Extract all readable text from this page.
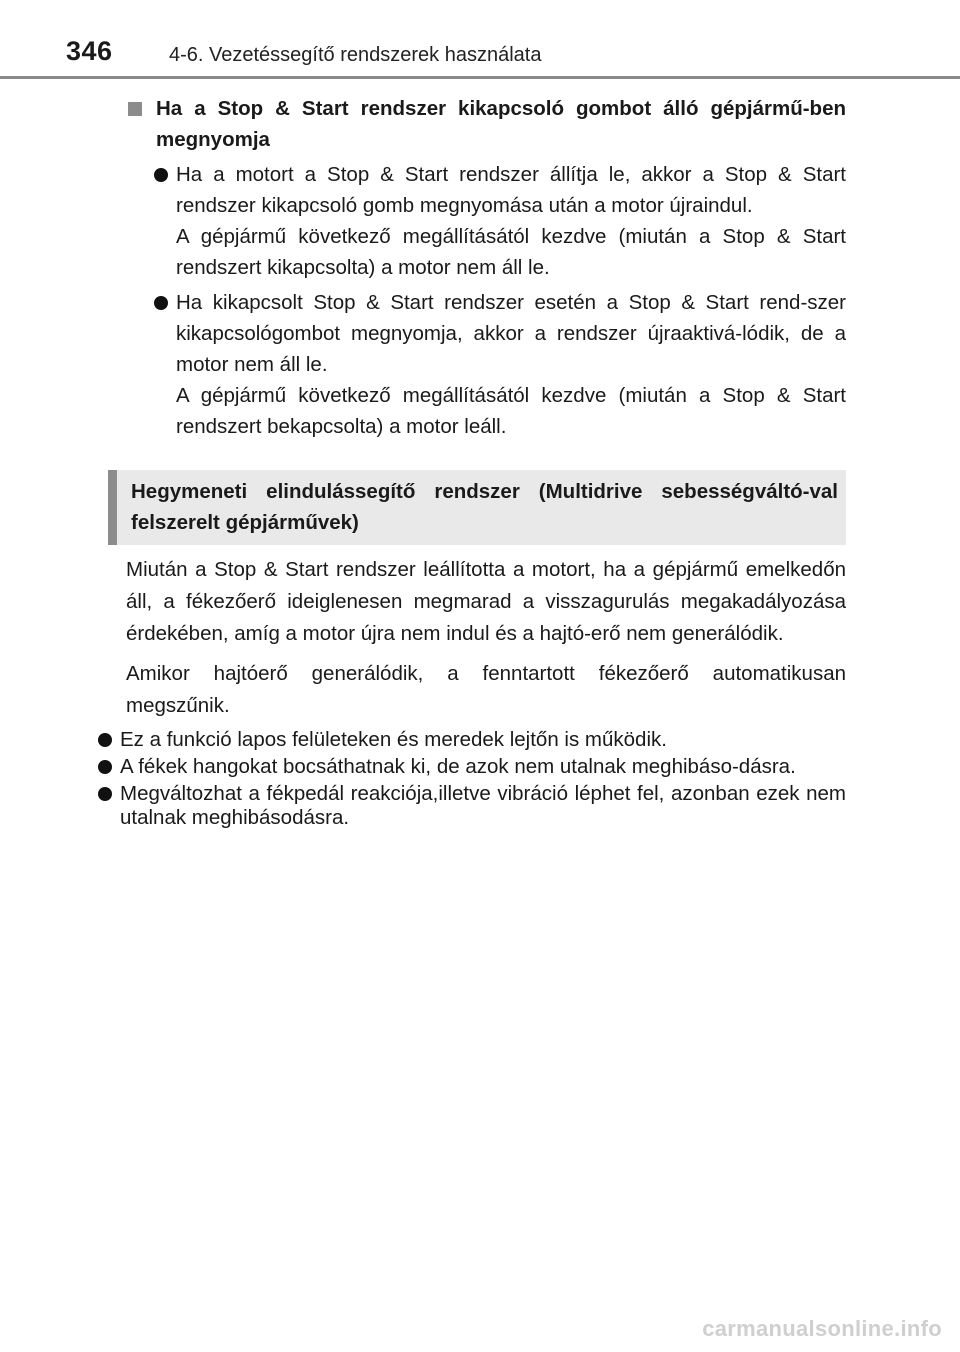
346	4-6. Vezetéssegítő rendszerek használata
Ha a Stop & Start rendszer kikapcsoló gombot álló gépjármű-ben megnyomja

Ha a motort a Stop & Start rendszer állítja le, akkor a Stop & Start rendszer kikapcsoló gomb megnyomása után a motor újraindul.

A gépjármű következő megállításától kezdve (miután a Stop & Start rendszert kikapcsolta) a motor nem áll le.

Ha kikapcsolt Stop & Start rendszer esetén a Stop & Start rend-szer kikapcsológombot megnyomja, akkor a rendszer újraaktivá-lódik, de a motor nem áll le.

A gépjármű következő megállításától kezdve (miután a Stop & Start rendszert bekapcsolta) a motor leáll.

Hegymeneti elindulássegítő rendszer (Multidrive sebességváltó-val felszerelt gépjárművek)

Miután a Stop & Start rendszer leállította a motort, ha a gépjármű emelkedőn áll, a fékezőerő ideiglenesen megmarad a visszagurulás megakadályozása érdekében, amíg a motor újra nem indul és a hajtó-erő nem generálódik.

Amikor hajtóerő generálódik, a fenntartott fékezőerő automatikusan megszűnik.

Ez a funkció lapos felületeken és meredek lejtőn is működik.
A fékek hangokat bocsáthatnak ki, de azok nem utalnak meghibáso-dásra.
Megváltozhat a fékpedál reakciója,illetve vibráció léphet fel, azonban ezek nem utalnak meghibásodásra.
carmanualsonline.info
